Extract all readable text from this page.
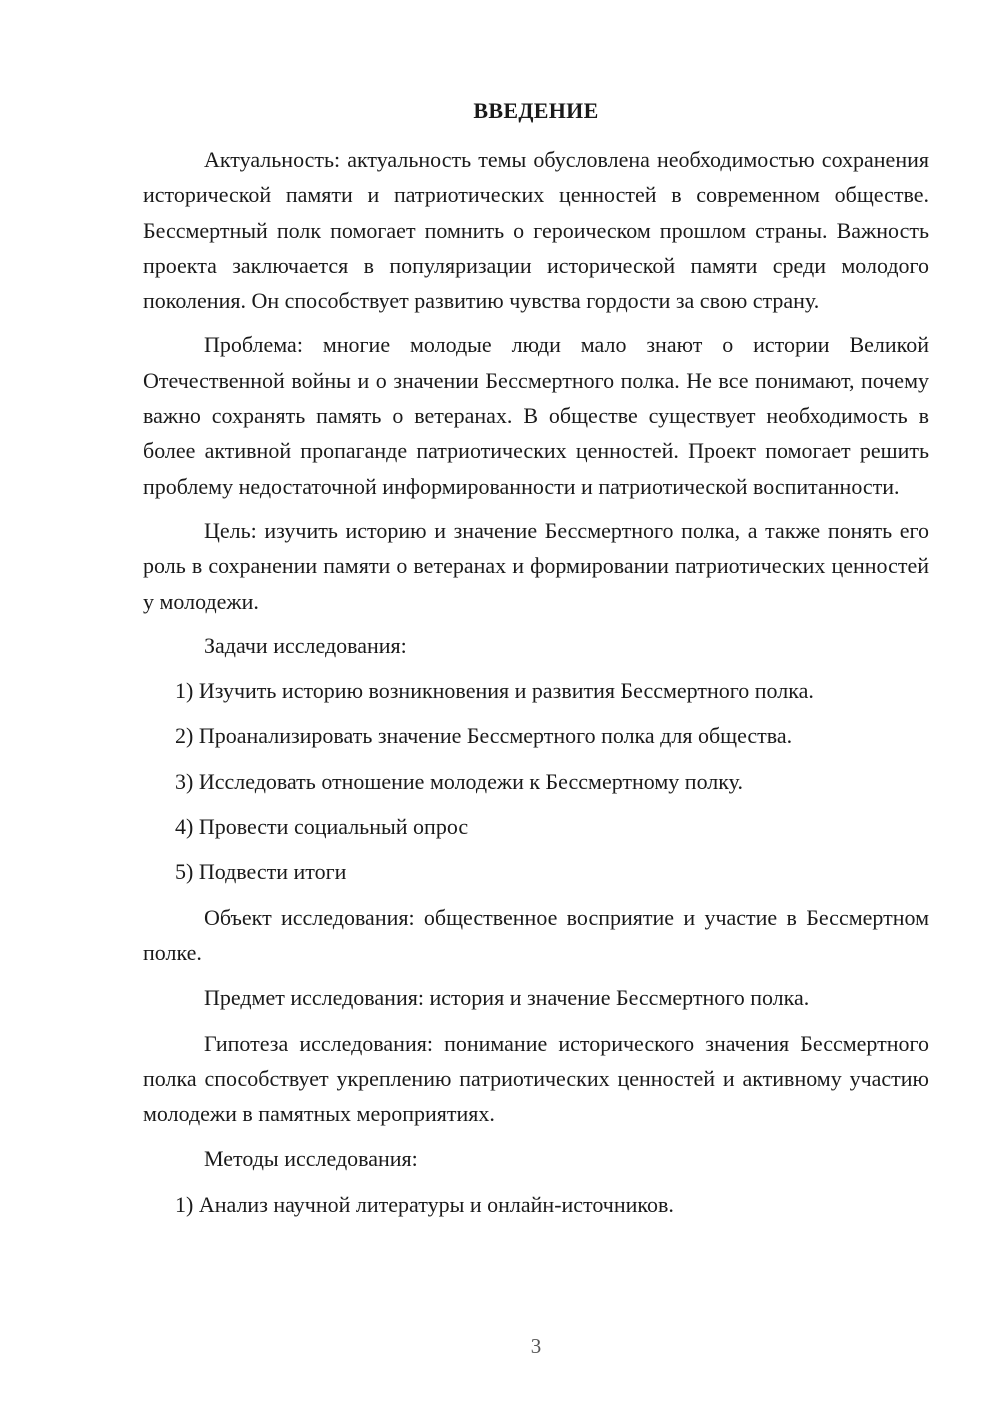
ВВЕДЕНИЕ

Актуальность: актуальность темы обусловлена необходимостью сохранения исторической памяти и патриотических ценностей в современном обществе. Бессмертный полк помогает помнить о героическом прошлом страны. Важность проекта заключается в популяризации исторической памяти среди молодого поколения. Он способствует развитию чувства гордости за свою страну.

Проблема: многие молодые люди мало знают о истории Великой Отечественной войны и о значении Бессмертного полка. Не все понимают, почему важно сохранять память о ветеранах. В обществе существует необходимость в более активной пропаганде патриотических ценностей. Проект помогает решить проблему недостаточной информированности и патриотической воспитанности.

Цель: изучить историю и значение Бессмертного полка, а также понять его роль в сохранении памяти о ветеранах и формировании патриотических ценностей у молодежи.

Задачи исследования:

1) Изучить историю возникновения и развития Бессмертного полка.

2) Проанализировать значение Бессмертного полка для общества.

3) Исследовать отношение молодежи к Бессмертному полку.

4) Провести социальный опрос

5) Подвести итоги

Объект исследования: общественное восприятие и участие в Бессмертном полке.

Предмет исследования: история и значение Бессмертного полка.

Гипотеза исследования: понимание исторического значения Бессмертного полка способствует укреплению патриотических ценностей и активному участию молодежи в памятных мероприятиях.

Методы исследования:

1) Анализ научной литературы и онлайн-источников.

3
